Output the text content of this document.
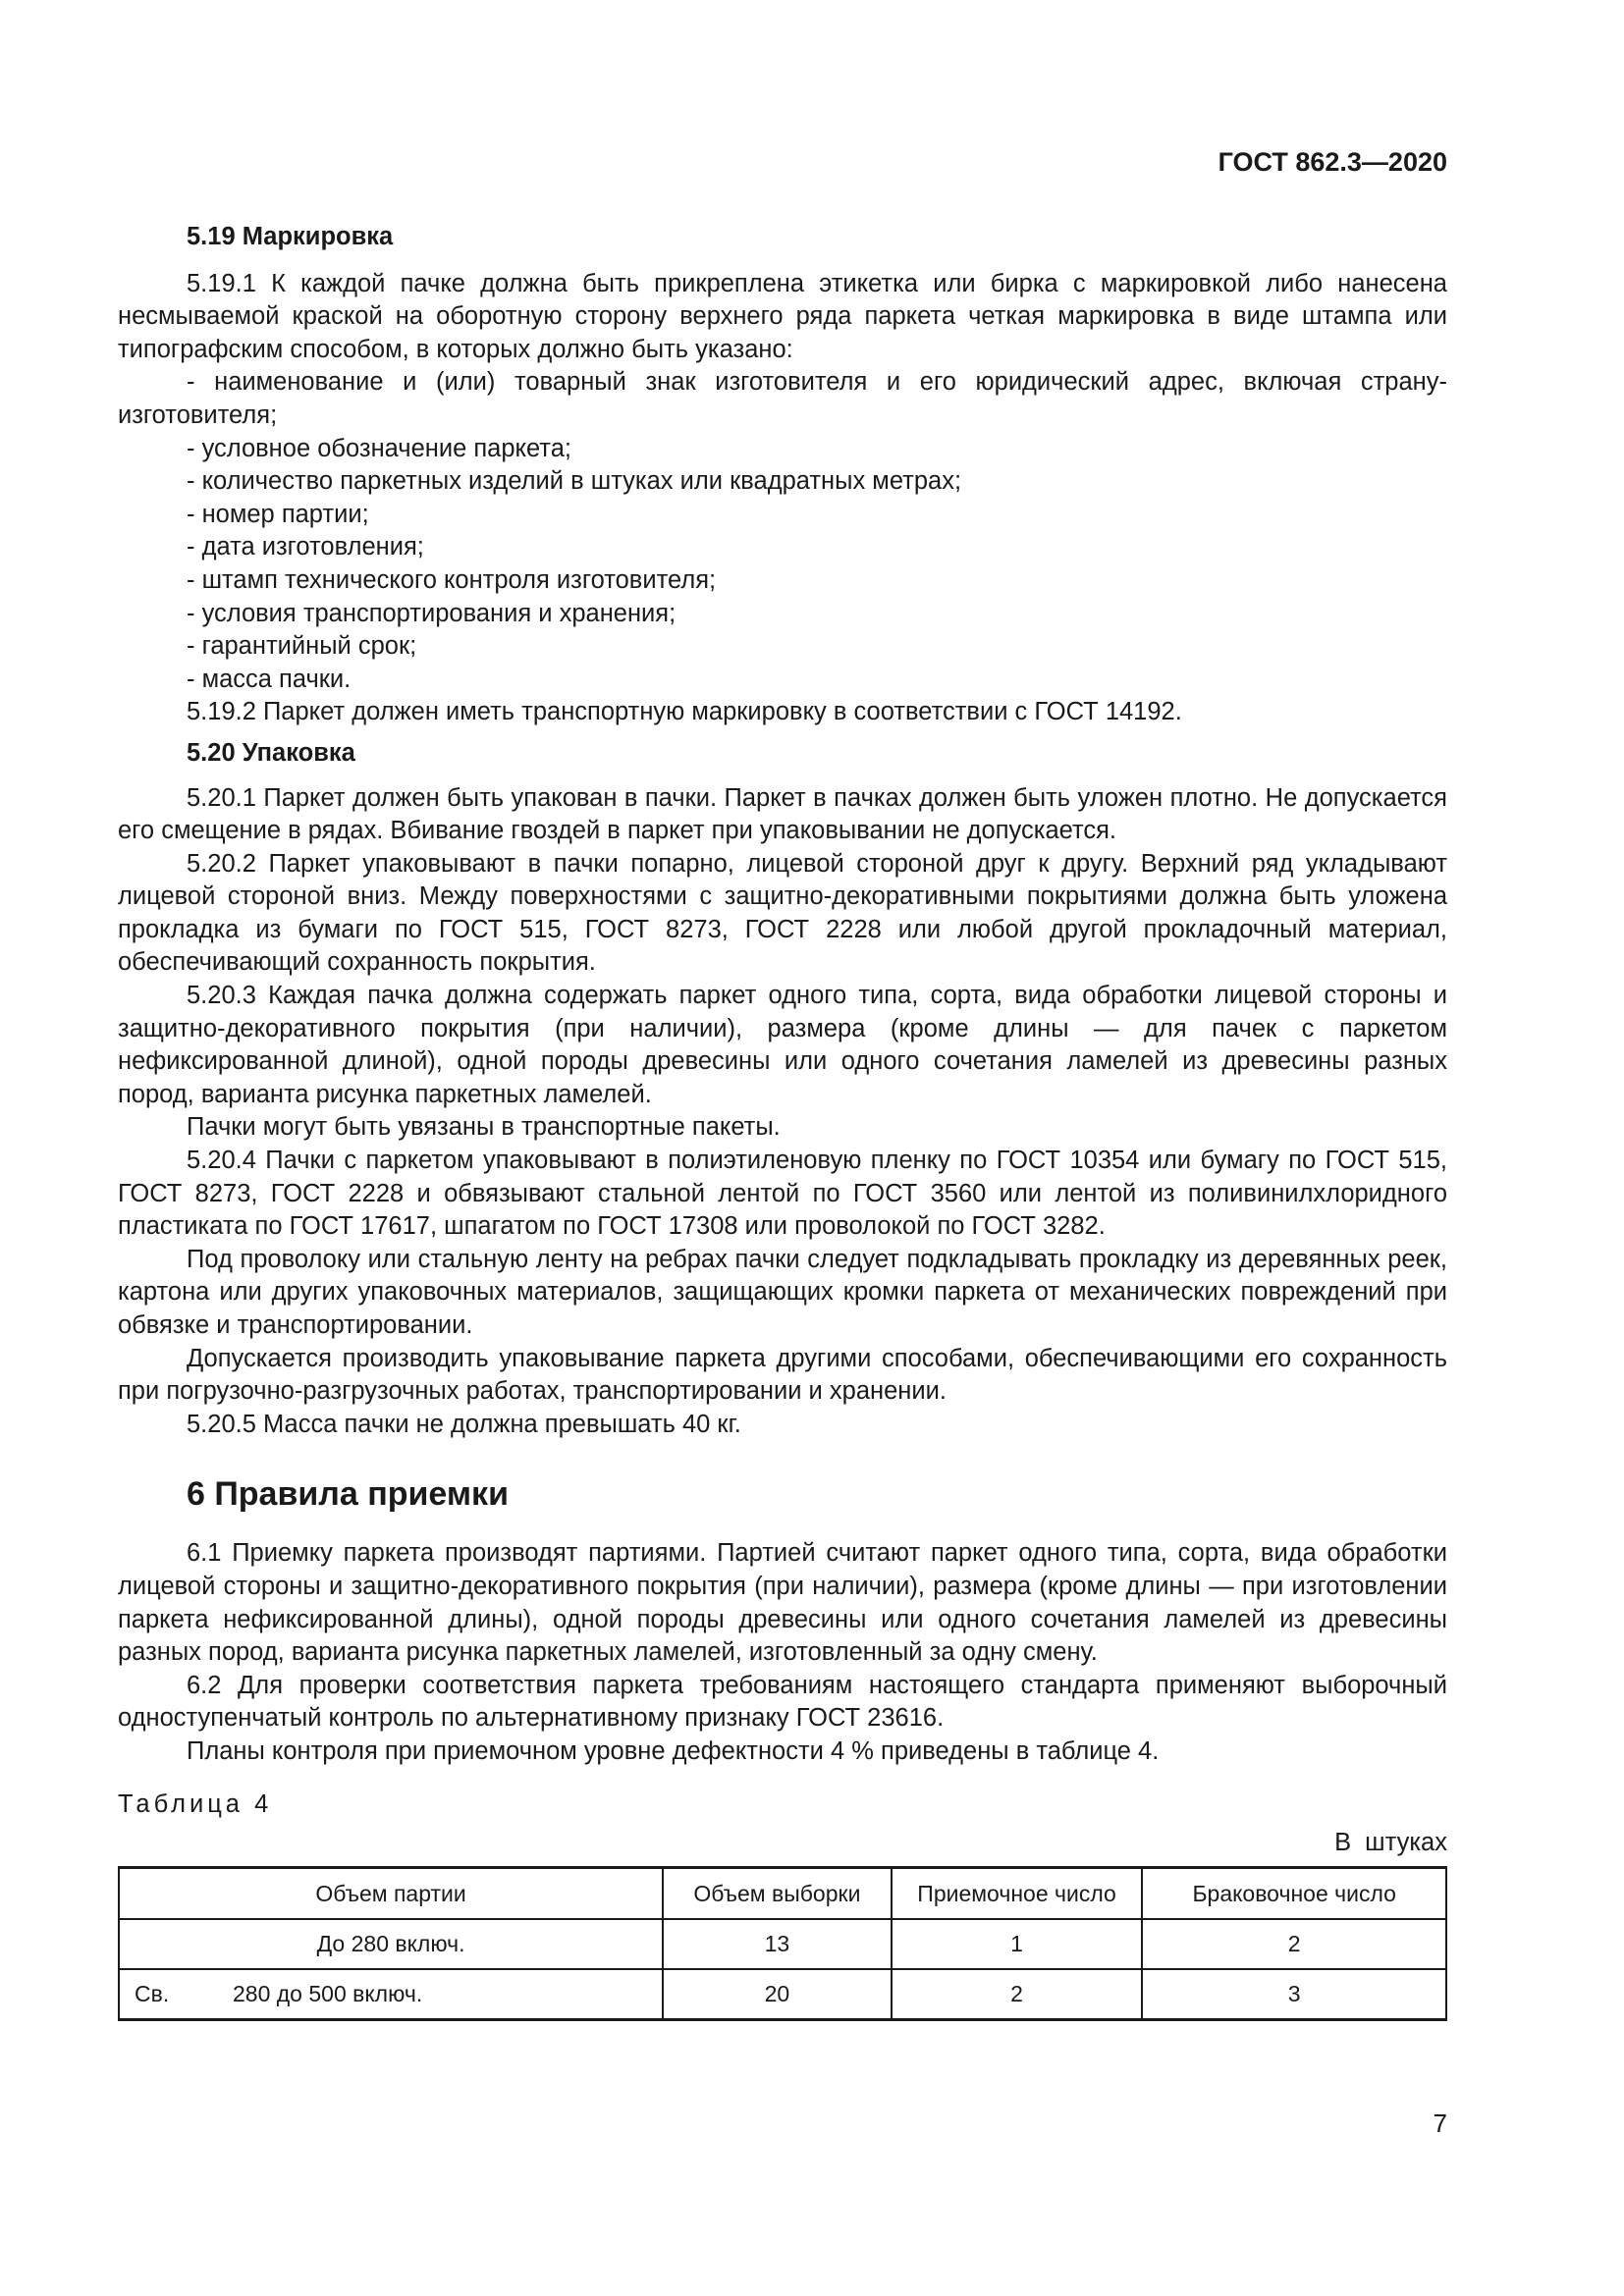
ГОСТ 862.3—2020

5.19 Маркировка

5.19.1 К каждой пачке должна быть прикреплена этикетка или бирка с маркировкой либо нанесена несмываемой краской на оборотную сторону верхнего ряда паркета четкая маркировка в виде штампа или типографским способом, в которых должно быть указано:

- наименование и (или) товарный знак изготовителя и его юридический адрес, включая страну-изготовителя;

- условное обозначение паркета;

- количество паркетных изделий в штуках или квадратных метрах;

- номер партии;

- дата изготовления;

- штамп технического контроля изготовителя;

- условия транспортирования и хранения;

- гарантийный срок;

- масса пачки.

5.19.2 Паркет должен иметь транспортную маркировку в соответствии с ГОСТ 14192.

5.20 Упаковка

5.20.1 Паркет должен быть упакован в пачки. Паркет в пачках должен быть уложен плотно. Не допускается его смещение в рядах. Вбивание гвоздей в паркет при упаковывании не допускается.

5.20.2 Паркет упаковывают в пачки попарно, лицевой стороной друг к другу. Верхний ряд укладывают лицевой стороной вниз. Между поверхностями с защитно-декоративными покрытиями должна быть уложена прокладка из бумаги по ГОСТ 515, ГОСТ 8273, ГОСТ 2228 или любой другой прокладочный материал, обеспечивающий сохранность покрытия.

5.20.3 Каждая пачка должна содержать паркет одного типа, сорта, вида обработки лицевой стороны и защитно-декоративного покрытия (при наличии), размера (кроме длины — для пачек с паркетом нефиксированной длиной), одной породы древесины или одного сочетания ламелей из древесины разных пород, варианта рисунка паркетных ламелей.

Пачки могут быть увязаны в транспортные пакеты.

5.20.4 Пачки с паркетом упаковывают в полиэтиленовую пленку по ГОСТ 10354 или бумагу по ГОСТ 515, ГОСТ 8273, ГОСТ 2228 и обвязывают стальной лентой по ГОСТ 3560 или лентой из поливинилхлоридного пластиката по ГОСТ 17617, шпагатом по ГОСТ 17308 или проволокой по ГОСТ 3282.

Под проволоку или стальную ленту на ребрах пачки следует подкладывать прокладку из деревянных реек, картона или других упаковочных материалов, защищающих кромки паркета от механических повреждений при обвязке и транспортировании.

Допускается производить упаковывание паркета другими способами, обеспечивающими его сохранность при погрузочно-разгрузочных работах, транспортировании и хранении.

5.20.5 Масса пачки не должна превышать 40 кг.

6 Правила приемки

6.1 Приемку паркета производят партиями. Партией считают паркет одного типа, сорта, вида обработки лицевой стороны и защитно-декоративного покрытия (при наличии), размера (кроме длины — при изготовлении паркета нефиксированной длины), одной породы древесины или одного сочетания ламелей из древесины разных пород, варианта рисунка паркетных ламелей, изготовленный за одну смену.

6.2 Для проверки соответствия паркета требованиям настоящего стандарта применяют выборочный одноступенчатый контроль по альтернативному признаку ГОСТ 23616.

Планы контроля при приемочном уровне дефектности 4 % приведены в таблице 4.

Таблица 4

В штуках

Объем партии	Объем выборки	Приемочное число	Браковочное число
До 280 включ.	13	1	2

Св. 280 до 500 включ.	20	2	3
7
